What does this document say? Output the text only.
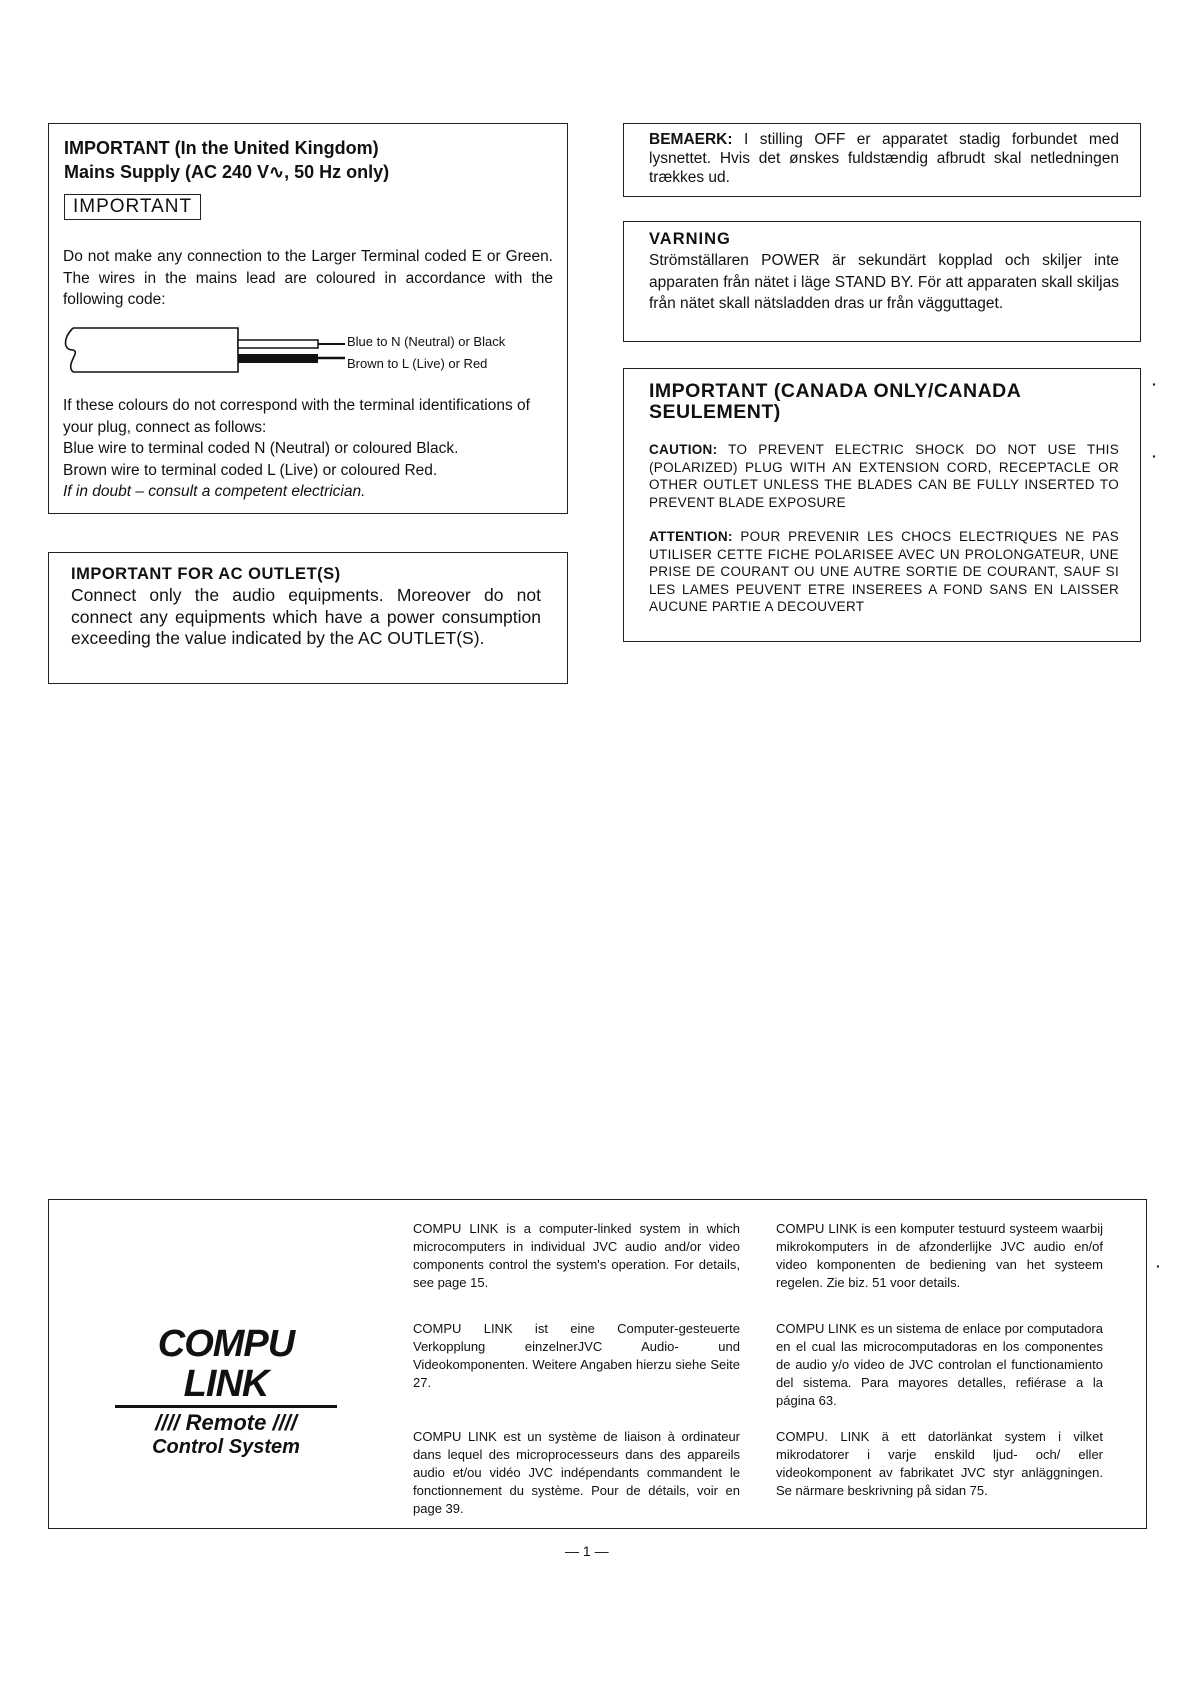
IMPORTANT (In the United Kingdom)
Mains Supply (AC 240 V∿, 50 Hz only)
IMPORTANT

Do not make any connection to the Larger Terminal coded E or Green. The wires in the mains lead are coloured in accordance with the following code:

Blue to N (Neutral) or Black
Brown to L (Live) or Red
If these colours do not correspond with the terminal identifications of your plug, connect as follows:
Blue wire to terminal coded N (Neutral) or coloured Black.
Brown wire to terminal coded L (Live) or coloured Red.
If in doubt – consult a competent electrician.
IMPORTANT FOR AC OUTLET(S)

Connect only the audio equipments. Moreover do not connect any equipments which have a power consumption exceeding the value indicated by the AC OUTLET(S).

BEMAERK: I stilling OFF er apparatet stadig forbundet med lysnettet. Hvis det ønskes fuldstændig afbrudt skal netledningen trækkes ud.

VARNING

Strömställaren POWER är sekundärt kopplad och skiljer inte apparaten från nätet i läge STAND BY. För att apparaten skall skiljas från nätet skall nätsladden dras ur från vägguttaget.

IMPORTANT (CANADA ONLY/CANADA SEULEMENT)

CAUTION: TO PREVENT ELECTRIC SHOCK DO NOT USE THIS (POLARIZED) PLUG WITH AN EXTENSION CORD, RECEPTACLE OR OTHER OUTLET UNLESS THE BLADES CAN BE FULLY INSERTED TO PREVENT BLADE EXPOSURE

ATTENTION: POUR PREVENIR LES CHOCS ELECTRIQUES NE PAS UTILISER CETTE FICHE POLARISEE AVEC UN PROLONGATEUR, UNE PRISE DE COURANT OU UNE AUTRE SORTIE DE COURANT, SAUF SI LES LAMES PEUVENT ETRE INSEREES A FOND SANS EN LAISSER AUCUNE PARTIE A DECOUVERT

COMPU LINK
//// Remote ////
Control System

COMPU LINK is a computer-linked system in which microcomputers in individual JVC audio and/or video components control the system's operation. For details, see page 15.

COMPU LINK ist eine Computer-gesteuerte Verkopplung einzelnerJVC Audio- und Videokomponenten. Weitere Angaben hierzu siehe Seite 27.

COMPU LINK est un système de liaison à ordinateur dans lequel des microprocesseurs dans des appareils audio et/ou vidéo JVC indépendants commandent le fonctionnement du système. Pour de détails, voir en page 39.

COMPU LINK is een komputer testuurd systeem waarbij mikrokomputers in de afzonderlijke JVC audio en/of video komponenten de bediening van het systeem regelen. Zie biz. 51 voor details.

COMPU LINK es un sistema de enlace por computadora en el cual las microcomputadoras en los componentes de audio y/o video de JVC controlan el functionamiento del sistema. Para mayores detalles, refiérase a la página 63.

COMPU. LINK ä ett datorlänkat system i vilket mikrodatorer i varje enskild ljud- och/ eller videokomponent av fabrikatet JVC styr anläggningen. Se närmare beskrivning på sidan 75.

— 1 —
·
·
·
